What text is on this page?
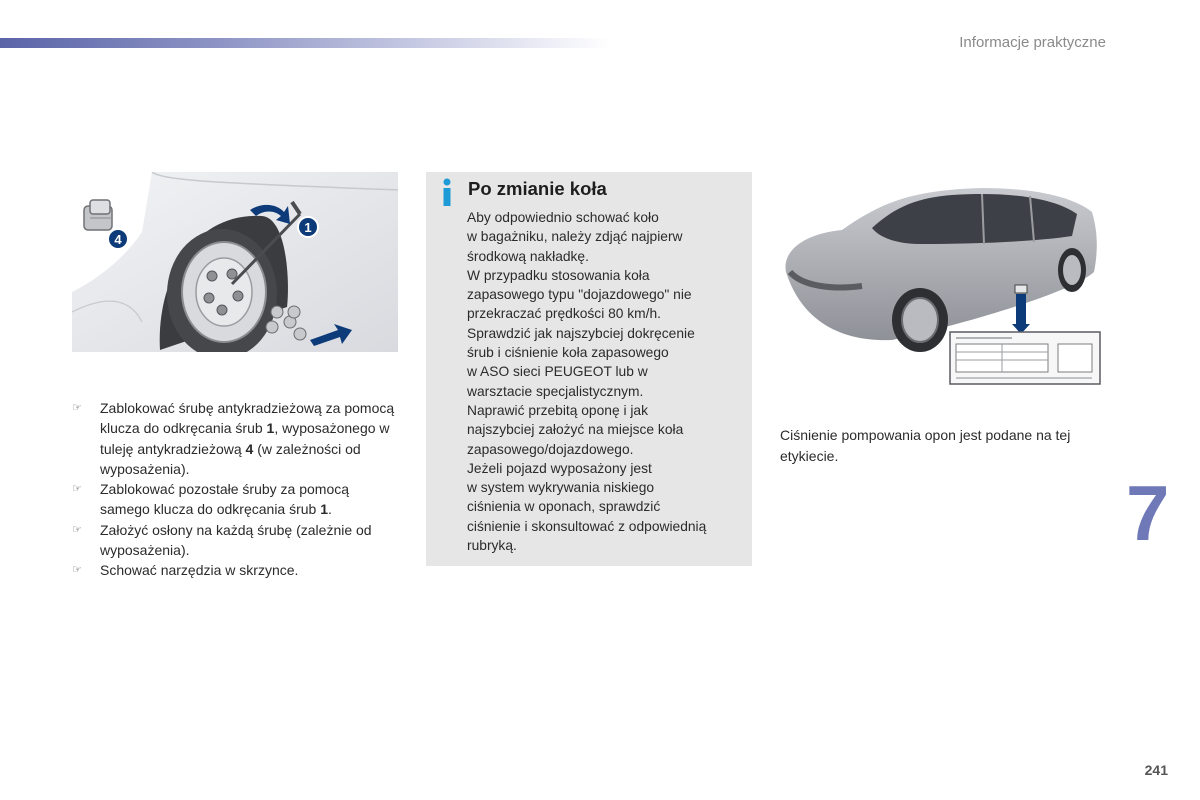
Informacje praktyczne
4
1
☞ Zablokować śrubę antykradzieżową za pomocą klucza do odkręcania śrub 1, wyposażonego w tuleję antykradzieżową 4 (w zależności od wyposażenia).
☞ Zablokować pozostałe śruby za pomocą samego klucza do odkręcania śrub 1.
☞ Założyć osłony na każdą śrubę (zależnie od wyposażenia).
☞ Schować narzędzia w skrzynce.
Po zmianie koła

Aby odpowiednio schować koło
w bagażniku, należy zdjąć najpierw
środkową nakładkę.

W przypadku stosowania koła
zapasowego typu "dojazdowego" nie
przekraczać prędkości 80 km/h.

Sprawdzić jak najszybciej dokręcenie
śrub i ciśnienie koła zapasowego
w ASO sieci PEUGEOT lub w
warsztacie specjalistycznym.

Naprawić przebitą oponę i jak
najszybciej założyć na miejsce koła
zapasowego/dojazdowego.

Jeżeli pojazd wyposażony jest
w system wykrywania niskiego
ciśnienia w oponach, sprawdzić
ciśnienie i skonsultować z odpowiednią
rubryką.

Ciśnienie pompowania opon jest podane na tej
etykiecie.
7
241
